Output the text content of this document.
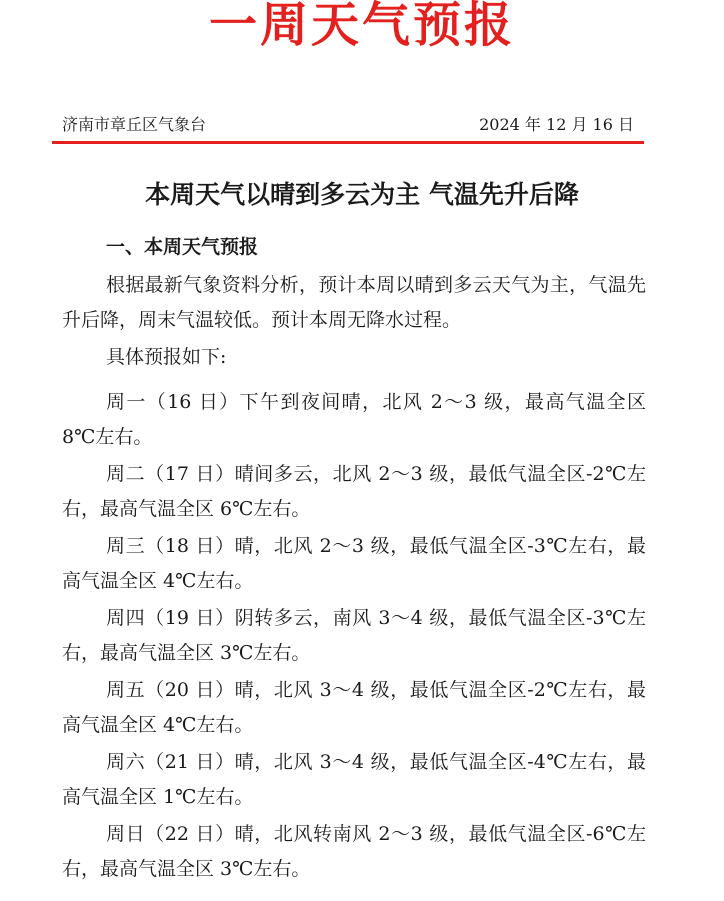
一周天气预报
济南市章丘区气象台	2024 年 12 月 16 日
本周天气以晴到多云为主 气温先升后降
一、本周天气预报

根据最新气象资料分析，预计本周以晴到多云天气为主，气温先升后降，周末气温较低。预计本周无降水过程。

具体预报如下:

周一（16 日）下午到夜间晴，北风 2～3 级，最高气温全区 8℃左右。

周二（17 日）晴间多云，北风 2～3 级，最低气温全区-2℃左右，最高气温全区 6℃左右。

周三（18 日）晴，北风 2～3 级，最低气温全区-3℃左右，最高气温全区 4℃左右。

周四（19 日）阴转多云，南风 3～4 级，最低气温全区-3℃左右，最高气温全区 3℃左右。

周五（20 日）晴，北风 3～4 级，最低气温全区-2℃左右，最高气温全区 4℃左右。

周六（21 日）晴，北风 3～4 级，最低气温全区-4℃左右，最高气温全区 1℃左右。

周日（22 日）晴，北风转南风 2～3 级，最低气温全区-6℃左右，最高气温全区 3℃左右。
